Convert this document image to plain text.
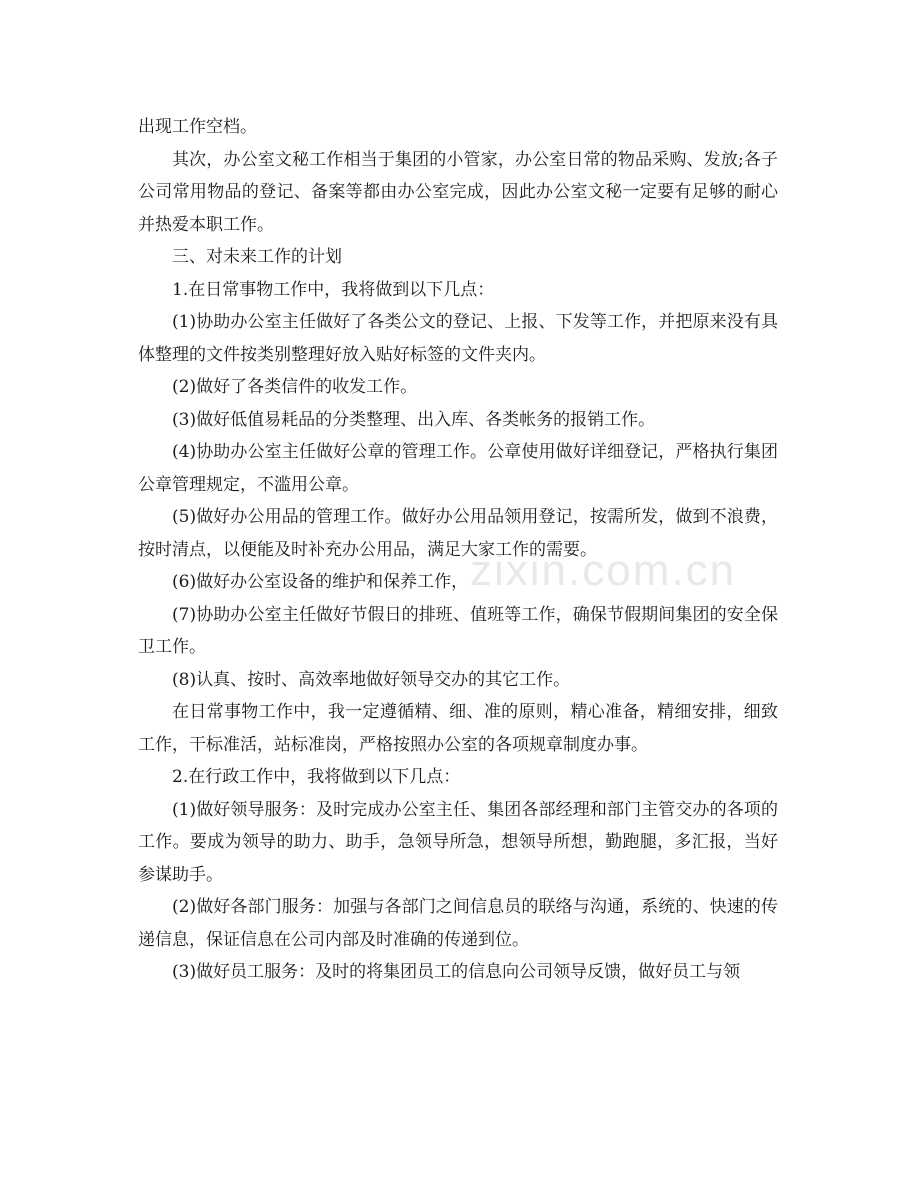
出现工作空档。

其次，办公室文秘工作相当于集团的小管家，办公室日常的物品采购、发放;各子公司常用物品的登记、备案等都由办公室完成，因此办公室文秘一定要有足够的耐心并热爱本职工作。

三、对未来工作的计划

1.在日常事物工作中，我将做到以下几点：

(1)协助办公室主任做好了各类公文的登记、上报、下发等工作，并把原来没有具体整理的文件按类别整理好放入贴好标签的文件夹内。

(2)做好了各类信件的收发工作。

(3)做好低值易耗品的分类整理、出入库、各类帐务的报销工作。

(4)协助办公室主任做好公章的管理工作。公章使用做好详细登记，严格执行集团公章管理规定，不滥用公章。

(5)做好办公用品的管理工作。做好办公用品领用登记，按需所发，做到不浪费，按时清点，以便能及时补充办公用品，满足大家工作的需要。

(6)做好办公室设备的维护和保养工作，

(7)协助办公室主任做好节假日的排班、值班等工作，确保节假期间集团的安全保卫工作。

(8)认真、按时、高效率地做好领导交办的其它工作。

在日常事物工作中，我一定遵循精、细、准的原则，精心准备，精细安排，细致工作，干标准活，站标准岗，严格按照办公室的各项规章制度办事。

2.在行政工作中，我将做到以下几点：

(1)做好领导服务：及时完成办公室主任、集团各部经理和部门主管交办的各项的工作。要成为领导的助力、助手，急领导所急，想领导所想，勤跑腿，多汇报，当好参谋助手。

(2)做好各部门服务：加强与各部门之间信息员的联络与沟通，系统的、快速的传递信息，保证信息在公司内部及时准确的传递到位。

(3)做好员工服务：及时的将集团员工的信息向公司领导反馈，做好员工与领

zixin.com.cn
